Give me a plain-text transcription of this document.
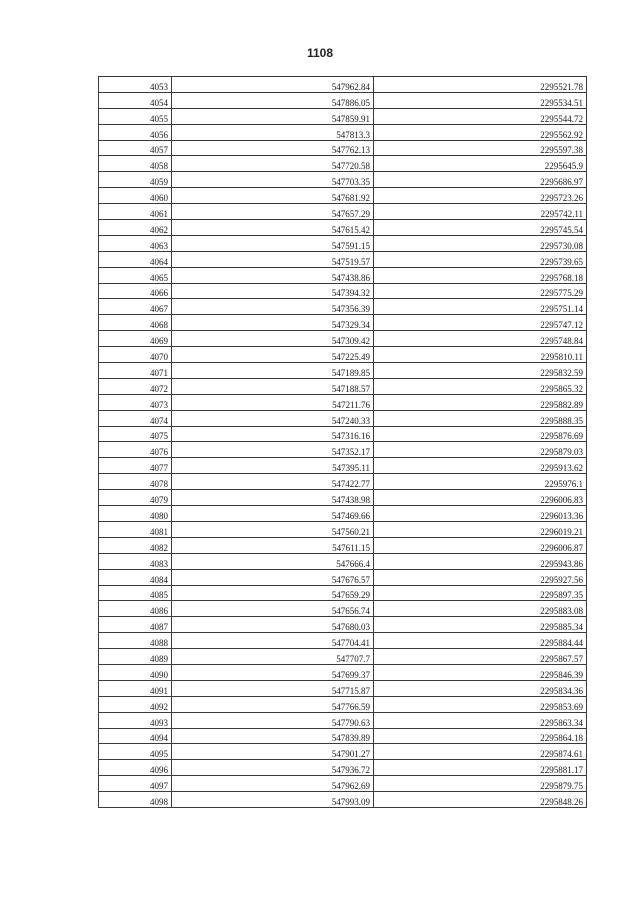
1108
4053	547962.84	2295521.78
4054	547886.05	2295534.51
4055	547859.91	2295544.72
4056	547813.3	2295562.92
4057	547762.13	2295597.38
4058	547720.58	2295645.9
4059	547703.35	2295686.97
4060	547681.92	2295723.26
4061	547657.29	2295742.11
4062	547615.42	2295745.54
4063	547591.15	2295730.08
4064	547519.57	2295739.65
4065	547438.86	2295768.18
4066	547394.32	2295775.29
4067	547356.39	2295751.14
4068	547329.34	2295747.12
4069	547309.42	2295748.84
4070	547225.49	2295810.11
4071	547189.85	2295832.59
4072	547188.57	2295865.32
4073	547211.76	2295882.89
4074	547240.33	2295888.35
4075	547316.16	2295876.69
4076	547352.17	2295879.03
4077	547395.11	2295913.62
4078	547422.77	2295976.1
4079	547438.98	2296006.83
4080	547469.66	2296013.36
4081	547560.21	2296019.21
4082	547611.15	2296006.87
4083	547666.4	2295943.86
4084	547676.57	2295927.56
4085	547659.29	2295897.35
4086	547656.74	2295883.08
4087	547680.03	2295885.34
4088	547704.41	2295884.44
4089	547707.7	2295867.57
4090	547699.37	2295846.39
4091	547715.87	2295834.36
4092	547766.59	2295853.69
4093	547790.63	2295863.34
4094	547839.89	2295864.18
4095	547901.27	2295874.61
4096	547936.72	2295881.17
4097	547962.69	2295879.75
4098	547993.09	2295848.26
